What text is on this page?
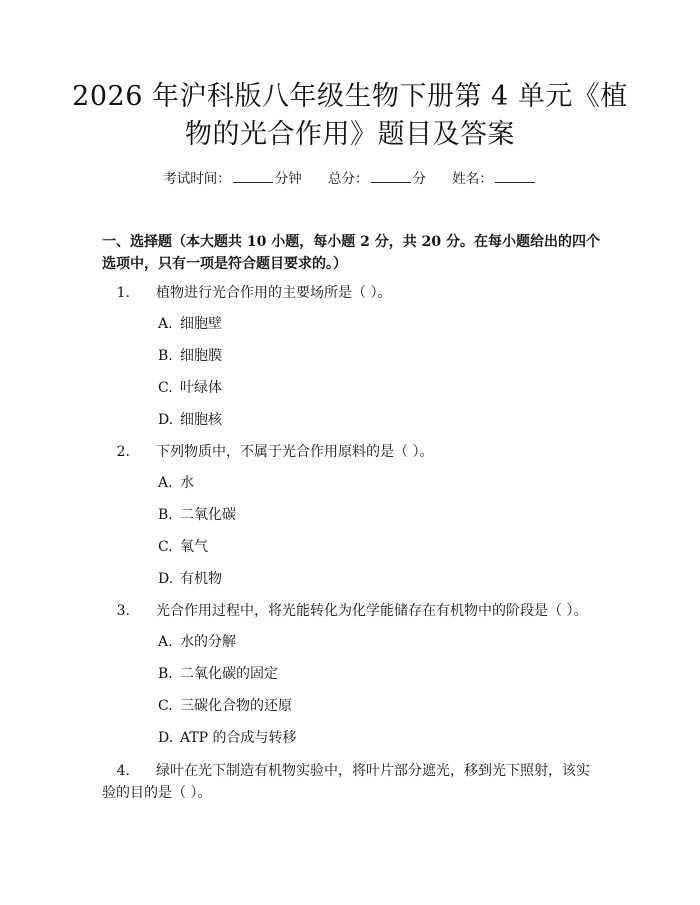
2026 年沪科版八年级生物下册第 4 单元《植
物的光合作用》题目及答案
考试时间：	分钟 总分：	分 姓名：
一、选择题（本大题共 10 小题，每小题 2 分，共 20 分。在每小题给出的四个选项中，只有一项是符合题目要求的。）
1. 植物进行光合作用的主要场所是（ ）。
A. 细胞壁
B. 细胞膜
C. 叶绿体
D. 细胞核
2. 下列物质中，不属于光合作用原料的是（ ）。
A. 水
B. 二氧化碳
C. 氧气
D. 有机物
3. 光合作用过程中，将光能转化为化学能储存在有机物中的阶段是（ ）。
A. 水的分解
B. 二氧化碳的固定
C. 三碳化合物的还原
D. ATP 的合成与转移
4. 绿叶在光下制造有机物实验中，将叶片部分遮光，移到光下照射，该实验的目的是（ ）。
